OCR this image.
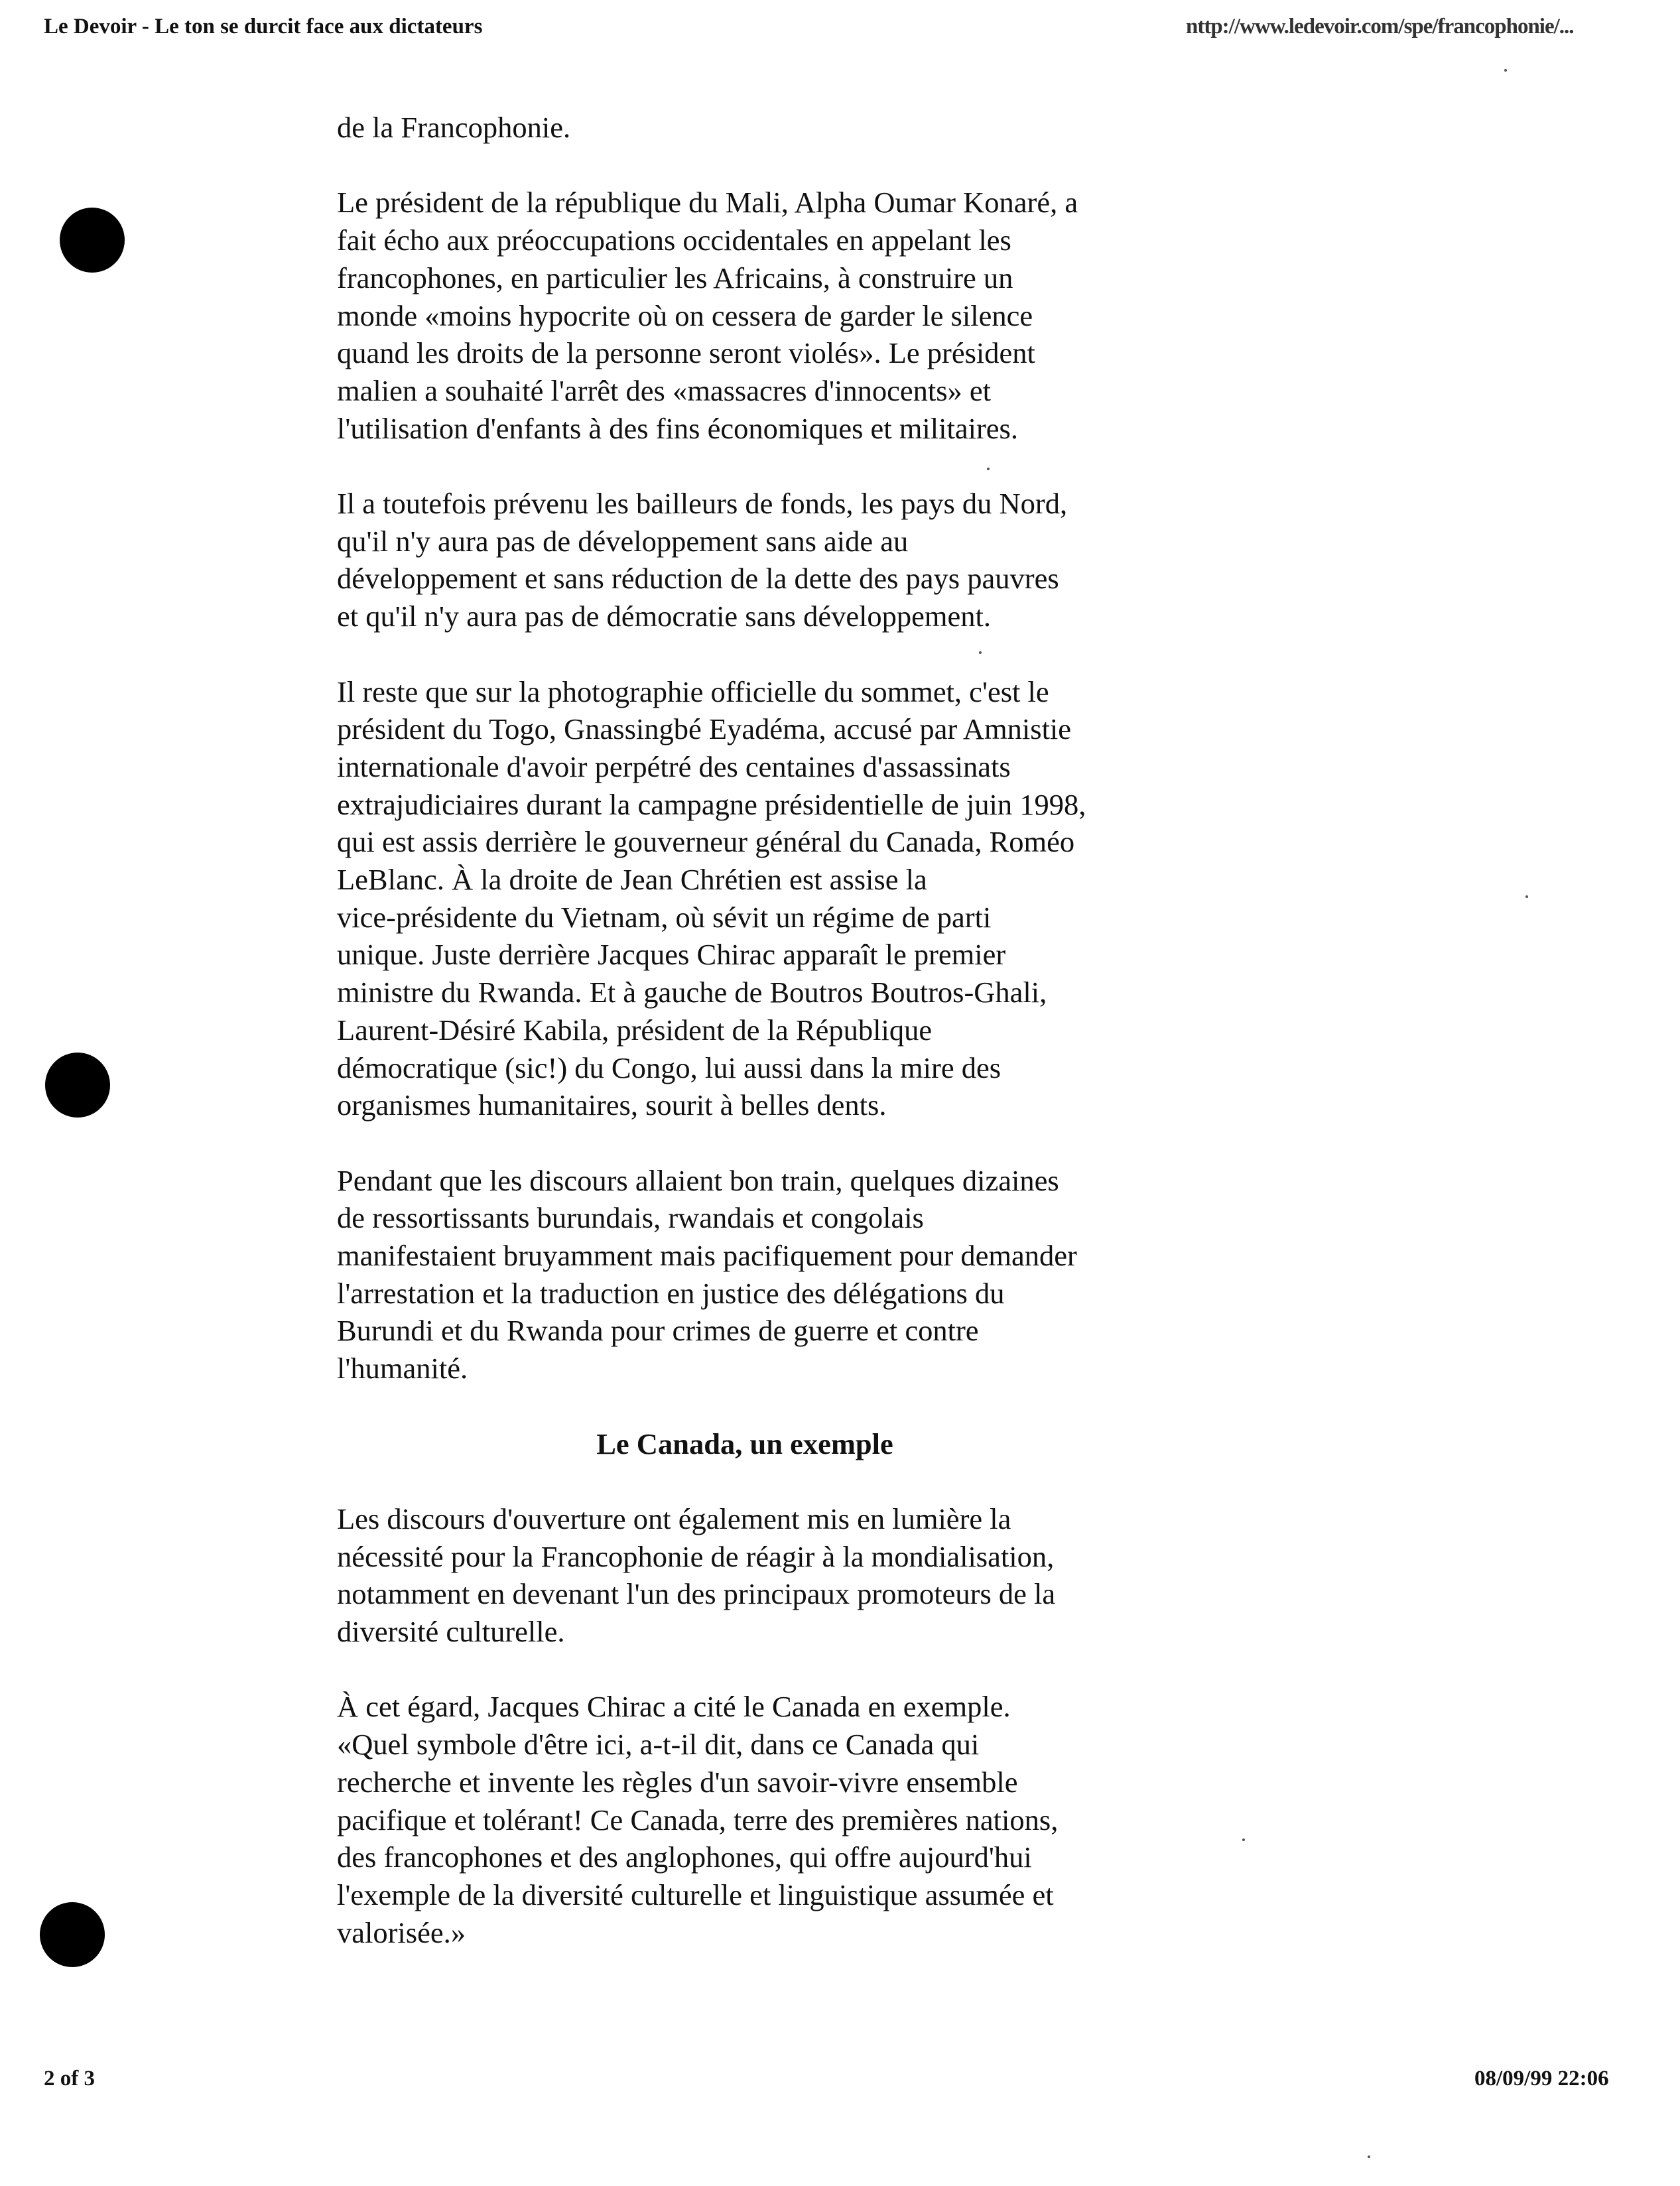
Le Devoir - Le ton se durcit face aux dictateurs	nttp://www.ledevoir.com/spe/francophonie/...

de la Francophonie.

Le président de la république du Mali, Alpha Oumar Konaré, a
fait écho aux préoccupations occidentales en appelant les
francophones, en particulier les Africains, à construire un
monde «moins hypocrite où on cessera de garder le silence
quand les droits de la personne seront violés». Le président
malien a souhaité l'arrêt des «massacres d'innocents» et
l'utilisation d'enfants à des fins économiques et militaires.

Il a toutefois prévenu les bailleurs de fonds, les pays du Nord,
qu'il n'y aura pas de développement sans aide au
développement et sans réduction de la dette des pays pauvres
et qu'il n'y aura pas de démocratie sans développement.

Il reste que sur la photographie officielle du sommet, c'est le
président du Togo, Gnassingbé Eyadéma, accusé par Amnistie
internationale d'avoir perpétré des centaines d'assassinats
extrajudiciaires durant la campagne présidentielle de juin 1998,
qui est assis derrière le gouverneur général du Canada, Roméo
LeBlanc. À la droite de Jean Chrétien est assise la
vice-présidente du Vietnam, où sévit un régime de parti
unique. Juste derrière Jacques Chirac apparaît le premier
ministre du Rwanda. Et à gauche de Boutros Boutros-Ghali,
Laurent-Désiré Kabila, président de la République
démocratique (sic!) du Congo, lui aussi dans la mire des
organismes humanitaires, sourit à belles dents.

Pendant que les discours allaient bon train, quelques dizaines
de ressortissants burundais, rwandais et congolais
manifestaient bruyamment mais pacifiquement pour demander
l'arrestation et la traduction en justice des délégations du
Burundi et du Rwanda pour crimes de guerre et contre
l'humanité.

Le Canada, un exemple

Les discours d'ouverture ont également mis en lumière la
nécessité pour la Francophonie de réagir à la mondialisation,
notamment en devenant l'un des principaux promoteurs de la
diversité culturelle.

À cet égard, Jacques Chirac a cité le Canada en exemple.
«Quel symbole d'être ici, a-t-il dit, dans ce Canada qui
recherche et invente les règles d'un savoir-vivre ensemble
pacifique et tolérant! Ce Canada, terre des premières nations,
des francophones et des anglophones, qui offre aujourd'hui
l'exemple de la diversité culturelle et linguistique assumée et
valorisée.»

2 of 3	08/09/99 22:06
